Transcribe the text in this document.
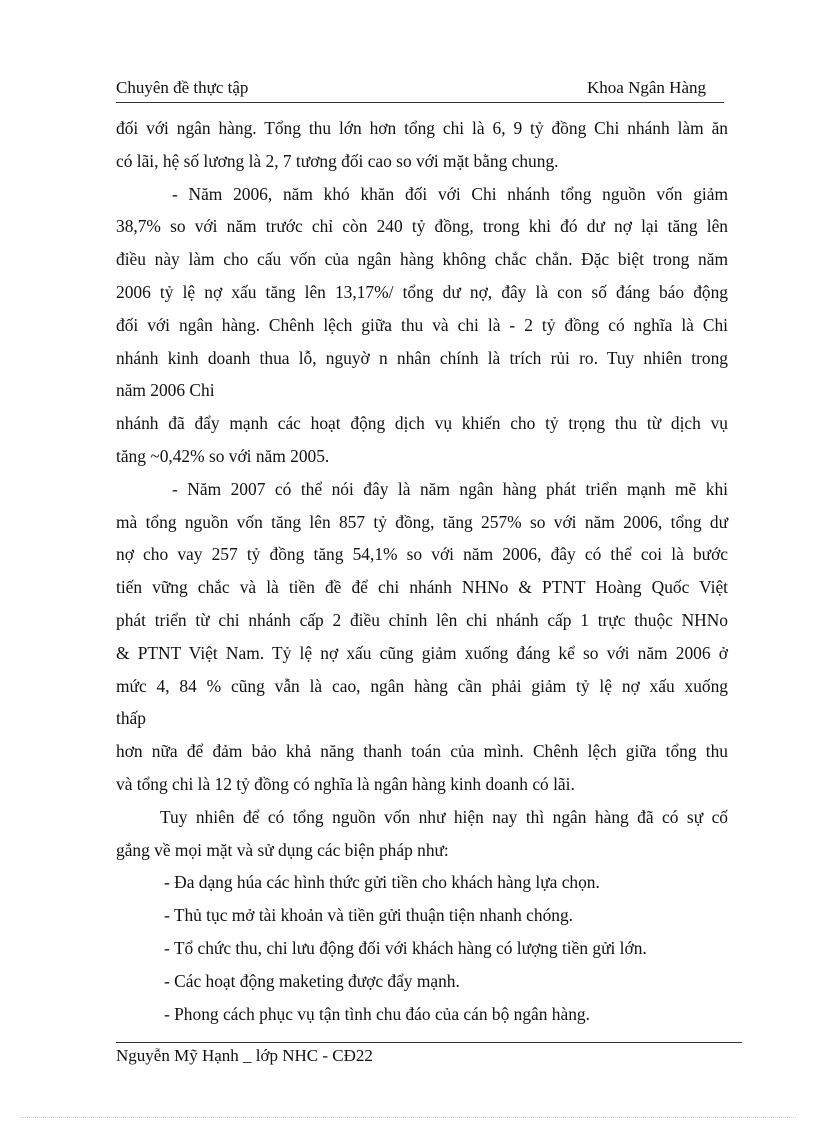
Chuyên đề thực tập	Khoa Ngân Hàng
đối với ngân hàng. Tổng thu lớn hơn tổng chi là 6, 9 tỷ đồng Chi nhánh làm ăn
có lãi, hệ số lương là 2, 7 tương đối cao so với mặt bằng chung.
- Năm 2006, năm khó khăn đối với Chi nhánh tổng nguồn vốn giảm
38,7% so với năm trước chỉ còn 240 tỷ đồng, trong khi đó dư nợ lại tăng lên
điều này làm cho cấu vốn của ngân hàng không chắc chắn. Đặc biệt trong năm
2006 tỷ lệ nợ xấu tăng lên 13,17%/ tổng dư nợ, đây là con số đáng báo động
đối với ngân hàng. Chênh lệch giữa thu và chi là - 2 tỷ đồng có nghĩa là Chi
nhánh kinh doanh thua lỗ, nguyờ n nhân chính là trích rủi ro. Tuy nhiên trong
năm 2006 Chi
nhánh đã đẩy mạnh các hoạt động dịch vụ khiến cho tỷ trọng thu từ dịch vụ
tăng ~0,42% so với năm 2005.
- Năm 2007 có thể nói đây là năm ngân hàng phát triển mạnh mẽ khi
mà tổng nguồn vốn tăng lên 857 tỷ đồng, tăng 257% so với năm 2006, tổng dư
nợ cho vay 257 tỷ đồng tăng 54,1% so với năm 2006, đây có thể coi là bước
tiến vững chắc và là tiền đề để chi nhánh NHNo & PTNT Hoàng Quốc Việt
phát triển từ chi nhánh cấp 2 điều chỉnh lên chi nhánh cấp 1 trực thuộc NHNo
& PTNT Việt Nam. Tỷ lệ nợ xấu cũng giảm xuống đáng kể so với năm 2006 ở
mức 4, 84 % cũng vẫn là cao, ngân hàng cần phải giảm tỷ lệ nợ xấu xuống
thấp
hơn nữa để đảm bảo khả năng thanh toán của mình. Chênh lệch giữa tổng thu
và tổng chi là 12 tỷ đồng có nghĩa là ngân hàng kinh doanh có lãi.
Tuy nhiên để có tổng nguồn vốn như hiện nay thì ngân hàng đã có sự cố
gắng về mọi mặt và sử dụng các biện pháp như:
- Đa dạng húa các hình thức gửi tiền cho khách hàng lựa chọn.
- Thủ tục mở tài khoản và tiền gửi thuận tiện nhanh chóng.
- Tổ chức thu, chi lưu động đối với khách hàng có lượng tiền gửi lớn.
- Các hoạt động maketing được đẩy mạnh.
- Phong cách phục vụ tận tình chu đáo của cán bộ ngân hàng.
Nguyễn Mỹ Hạnh _ lớp NHC - CĐ22
